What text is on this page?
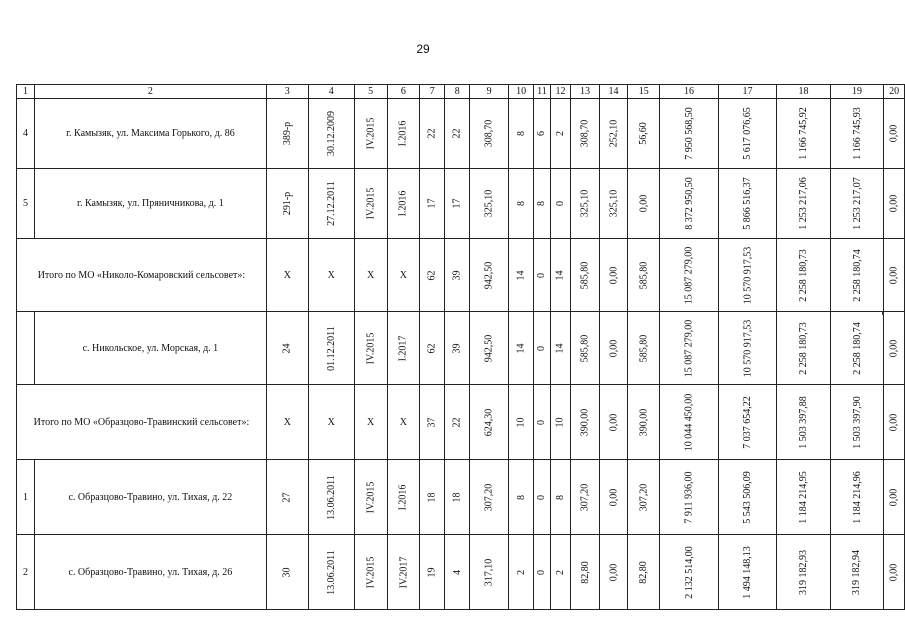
29
1	2	3	4	5	6	7	8	9	10	11	12	13	14	15	16	17	18	19	20
4	г. Камызяк, ул. Максима Горького, д. 86	389-р	30.12.2009	IV.2015	I.2016	22	22	308,70	8	6	2	308,70	252,10	56,60	7 950 568,50	5 617 076,65	1 166 745,92	1 166 745,93	0,00
5	г. Камызяк, ул. Пряничникова, д. 1	291-р	27.12.2011	IV.2015	I.2016	17	17	325,10	8	8	0	325,10	325,10	0,00	8 372 950,50	5 866 516,37	1 253 217,06	1 253 217,07	0,00
Итого по МО «Николо-Комаровский сельсовет»:		X	X	X	X	62	39	942,50	14	0	14	585,80	0,00	585,80	15 087 279,00	10 570 917,53	2 258 180,73	2 258 180,74	0,00
	с. Никольское, ул. Морская, д. 1	24	01.12.2011	IV.2015	I.2017	62	39	942,50	14	0	14	585,80	0,00	585,80	15 087 279,00	10 570 917,53	2 258 180,73	2 258 180,74	0,00
Итого по МО «Образцово-Травинский сельсовет»:		X	X	X	X	37	22	624,30	10	0	10	390,00	0,00	390,00	10 044 450,00	7 037 654,22	1 503 397,88	1 503 397,90	0,00
1	с. Образцово-Травино, ул. Тихая, д. 22	27	13.06.2011	IV.2015	I.2016	18	18	307,20	8	0	8	307,20	0,00	307,20	7 911 936,00	5 543 506,09	1 184 214,95	1 184 214,96	0,00
2	с. Образцово-Травино, ул. Тихая, д. 26	30	13.06.2011	IV.2015	IV.2017	19	4	317,10	2	0	2	82,80	0,00	82,80	2 132 514,00	1 494 148,13	319 182,93	319 182,94	0,00
